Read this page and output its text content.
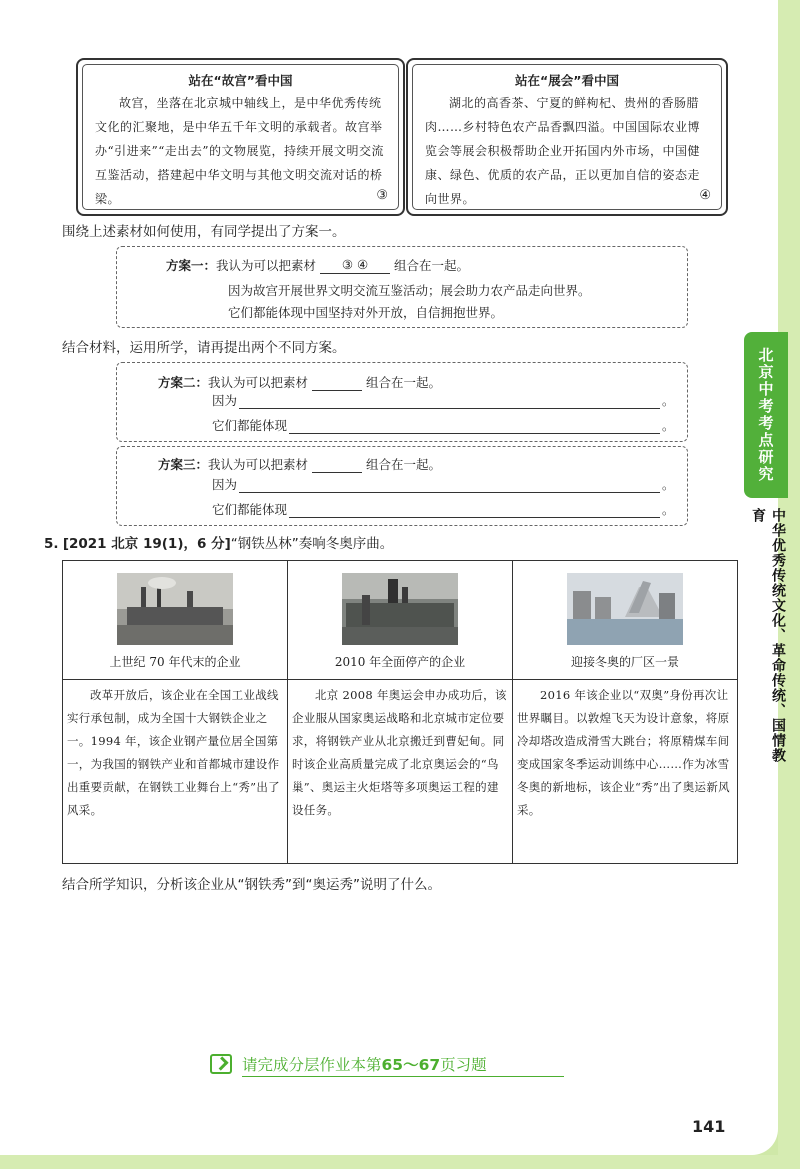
站在“故宫”看中国
故宫，坐落在北京城中轴线上，是中华优秀传统文化的汇聚地，是中华五千年文明的承载者。故宫举办“引进来”“走出去”的文物展览，持续开展文明交流互鉴活动，搭建起中华文明与其他文明交流对话的桥梁。	③
站在“展会”看中国
湖北的高香茶、宁夏的鲜枸杞、贵州的香肠腊肉……乡村特色农产品香飘四溢。中国国际农业博览会等展会积极帮助企业开拓国内外市场，中国健康、绿色、优质的农产品，正以更加自信的姿态走向世界。	④
围绕上述素材如何使用，有同学提出了方案一。
方案一：我认为可以把素材 ③ ④ 组合在一起。
因为故宫开展世界文明交流互鉴活动；展会助力农产品走向世界。
它们都能体现中国坚持对外开放，自信拥抱世界。
结合材料，运用所学，请再提出两个不同方案。
方案二：我认为可以把素材	组合在一起。
因为	。
它们都能体现	。
方案三：我认为可以把素材	组合在一起。
因为	。
它们都能体现	。
5. [2021 北京 19(1)，6 分]“钢铁丛林”奏响冬奥序曲。
上世纪 70 年代末的企业	2010 年全面停产的企业	迎接冬奥的厂区一景

改革开放后，该企业在全国工业战线实行承包制，成为全国十大钢铁企业之一。1994 年，该企业钢产量位居全国第一，为我国的钢铁产业和首都城市建设作出重要贡献，在钢铁工业舞台上“秀”出了风采。	北京 2008 年奥运会申办成功后，该企业服从国家奥运战略和北京城市定位要求，将钢铁产业从北京搬迁到曹妃甸。同时该企业高质量完成了北京奥运会的“鸟巢”、奥运主火炬塔等多项奥运工程的建设任务。	2016 年该企业以“双奥”身份再次让世界瞩目。以敦煌飞天为设计意象，将原冷却塔改造成滑雪大跳台；将原精煤车间变成国家冬季运动训练中心……作为冰雪冬奥的新地标，该企业“秀”出了奥运新风采。
结合所学知识，分析该企业从“钢铁秀”到“奥运秀”说明了什么。
请完成分层作业本第 65～67 页习题
141
北京中考考点研究
中华优秀传统文化、革命传统、国情教育
